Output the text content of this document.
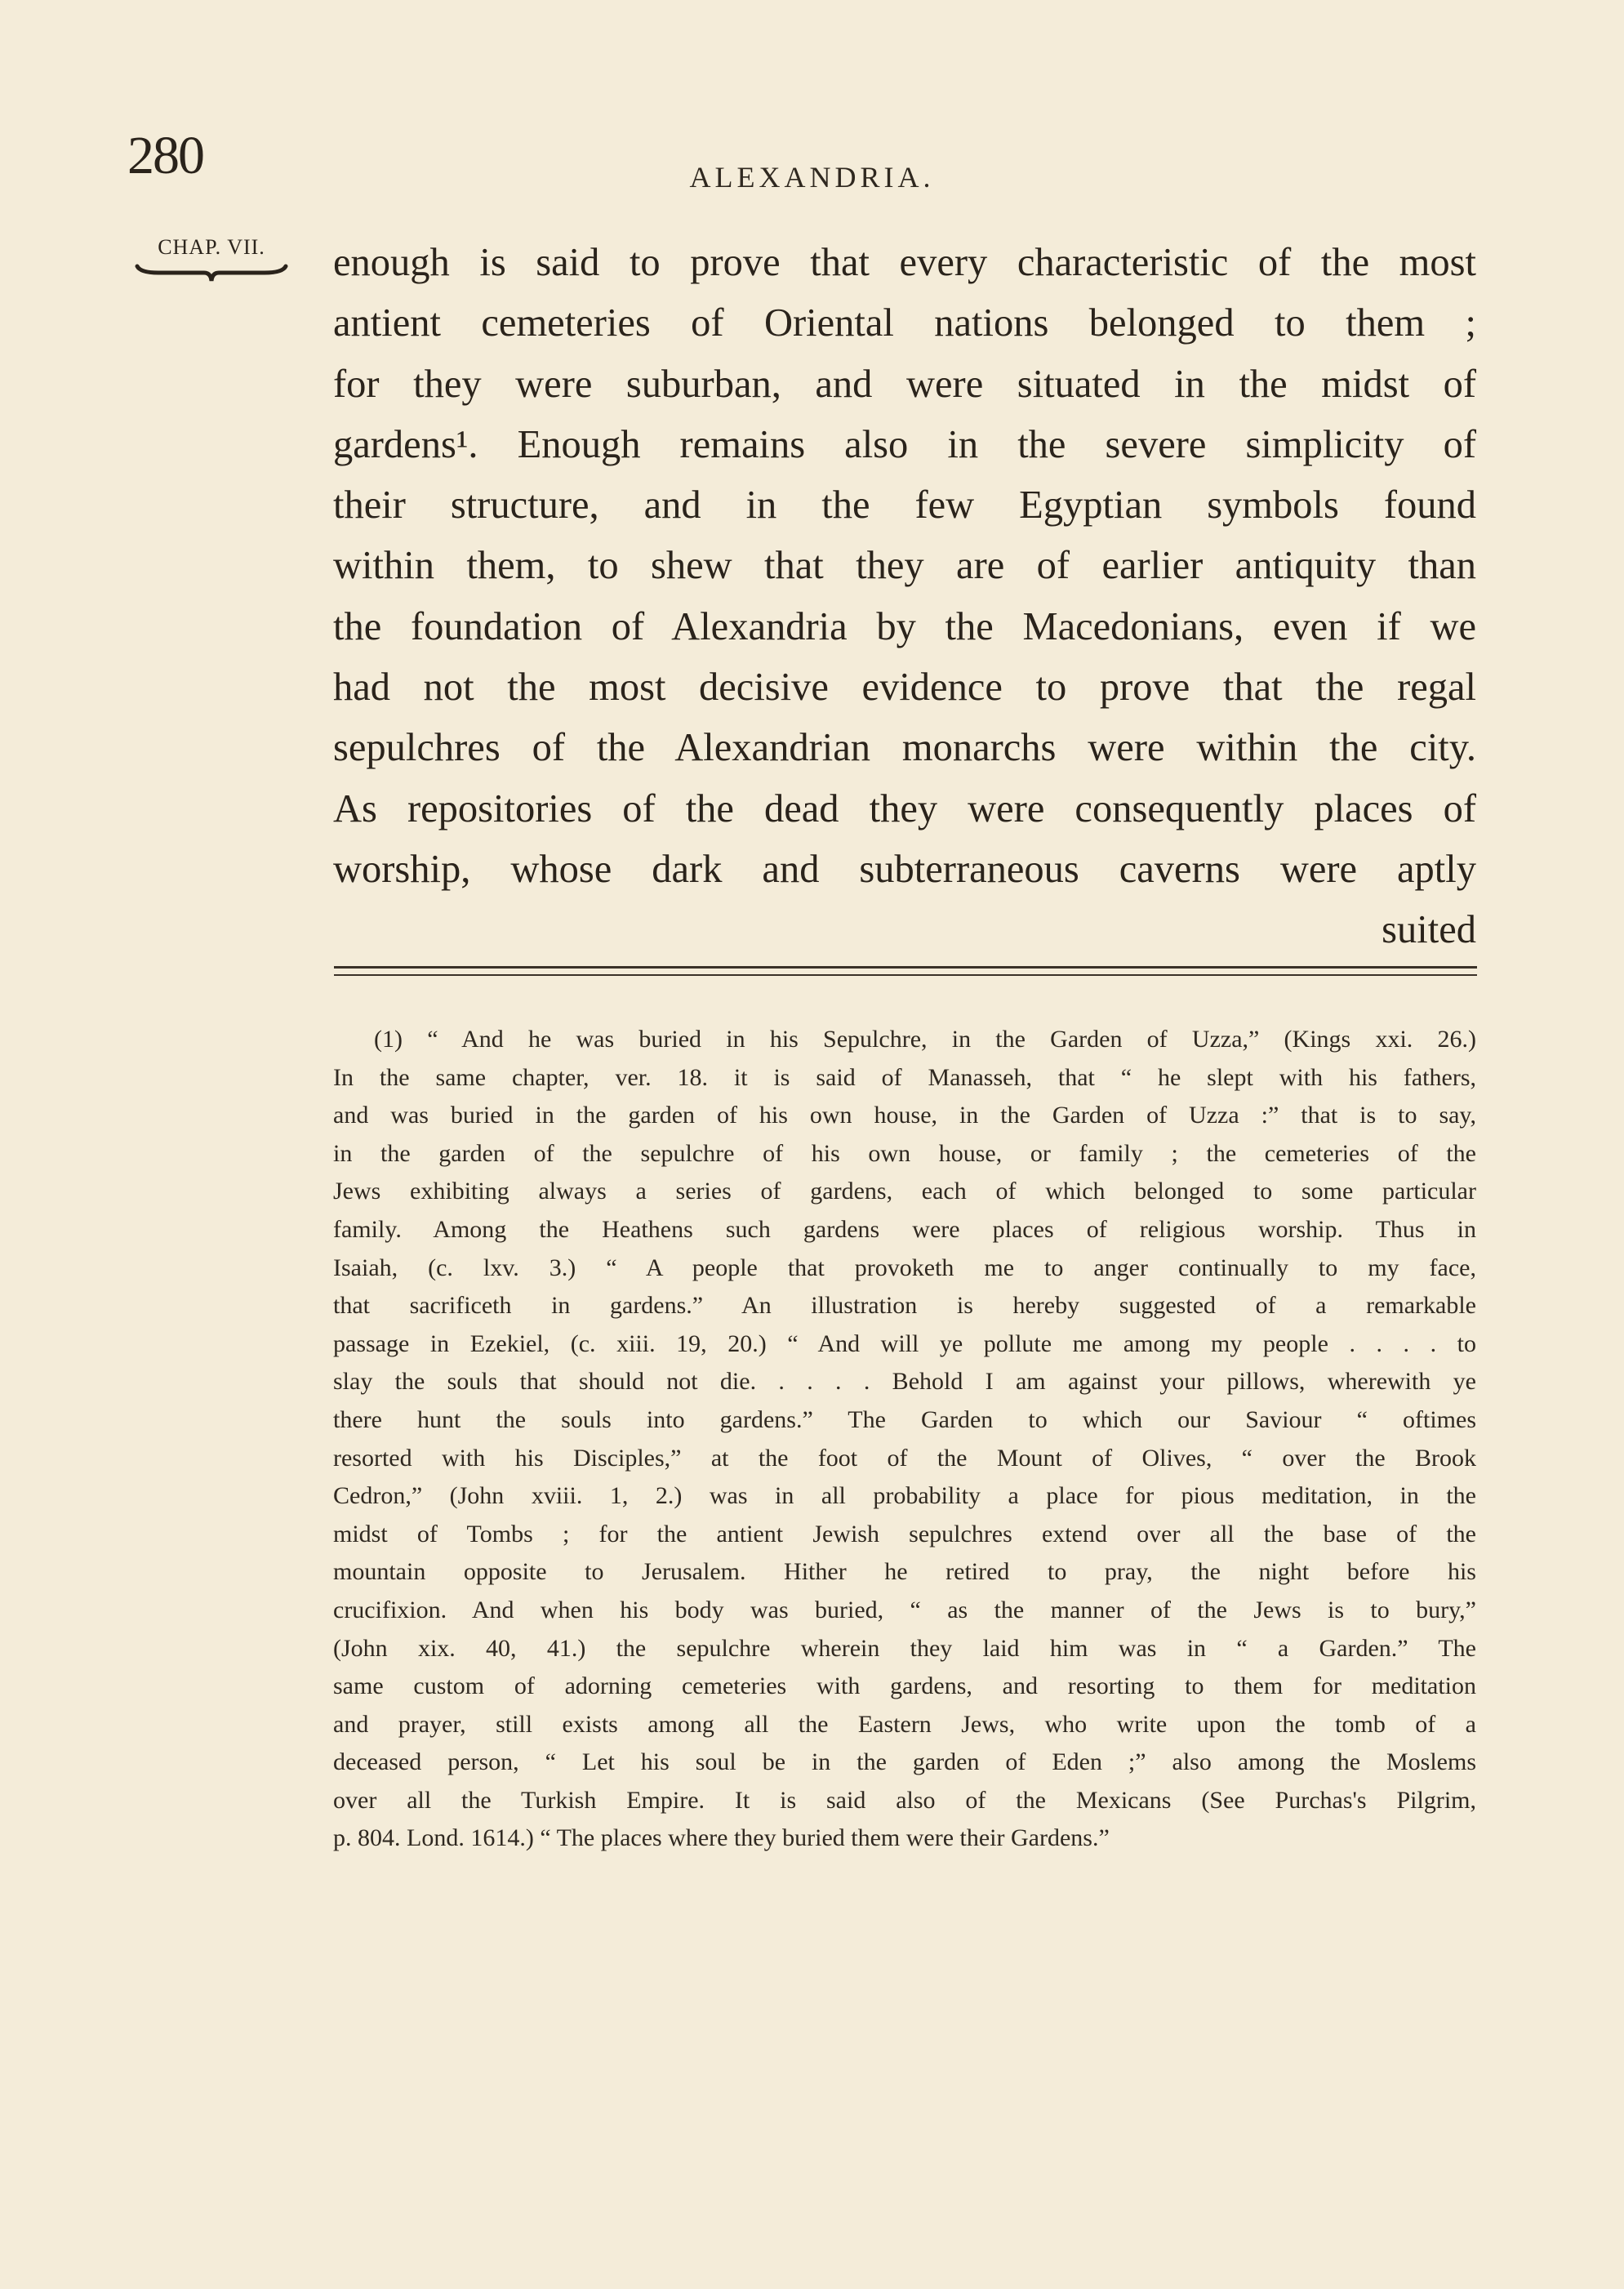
280	ALEXANDRIA.
CHAP. VII.	enough is said to prove that every characteristic of the most
antient cemeteries of Oriental nations belonged to them ;
for they were suburban, and were situated in the midst of
gardens¹. Enough remains also in the severe simplicity of
their structure, and in the few Egyptian symbols found
within them, to shew that they are of earlier antiquity than
the foundation of Alexandria by the Macedonians, even if we
had not the most decisive evidence to prove that the regal
sepulchres of the Alexandrian monarchs were within the city.
As repositories of the dead they were consequently places of
worship, whose dark and subterraneous caverns were aptly
suited
(1) “ And he was buried in his Sepulchre, in the Garden of Uzza,” (Kings xxi. 26.)
In the same chapter, ver. 18. it is said of Manasseh, that “ he slept with his fathers,
and was buried in the garden of his own house, in the Garden of Uzza :” that is to say,
in the garden of the sepulchre of his own house, or family ; the cemeteries of the
Jews exhibiting always a series of gardens, each of which belonged to some particular
family. Among the Heathens such gardens were places of religious worship. Thus in
Isaiah, (c. lxv. 3.) “ A people that provoketh me to anger continually to my face,
that sacrificeth in gardens.” An illustration is hereby suggested of a remarkable
passage in Ezekiel, (c. xiii. 19, 20.) “ And will ye pollute me among my people . . . . to
slay the souls that should not die. . . . . Behold I am against your pillows, wherewith ye
there hunt the souls into gardens.” The Garden to which our Saviour “ oftimes
resorted with his Disciples,” at the foot of the Mount of Olives, “ over the Brook
Cedron,” (John xviii. 1, 2.) was in all probability a place for pious meditation, in the
midst of Tombs ; for the antient Jewish sepulchres extend over all the base of the
mountain opposite to Jerusalem. Hither he retired to pray, the night before his
crucifixion. And when his body was buried, “ as the manner of the Jews is to bury,”
(John xix. 40, 41.) the sepulchre wherein they laid him was in “ a Garden.” The
same custom of adorning cemeteries with gardens, and resorting to them for meditation
and prayer, still exists among all the Eastern Jews, who write upon the tomb of a
deceased person, “ Let his soul be in the garden of Eden ;” also among the Moslems
over all the Turkish Empire. It is said also of the Mexicans (See Purchas's Pilgrim,
p. 804. Lond. 1614.) “ The places where they buried them were their Gardens.”
